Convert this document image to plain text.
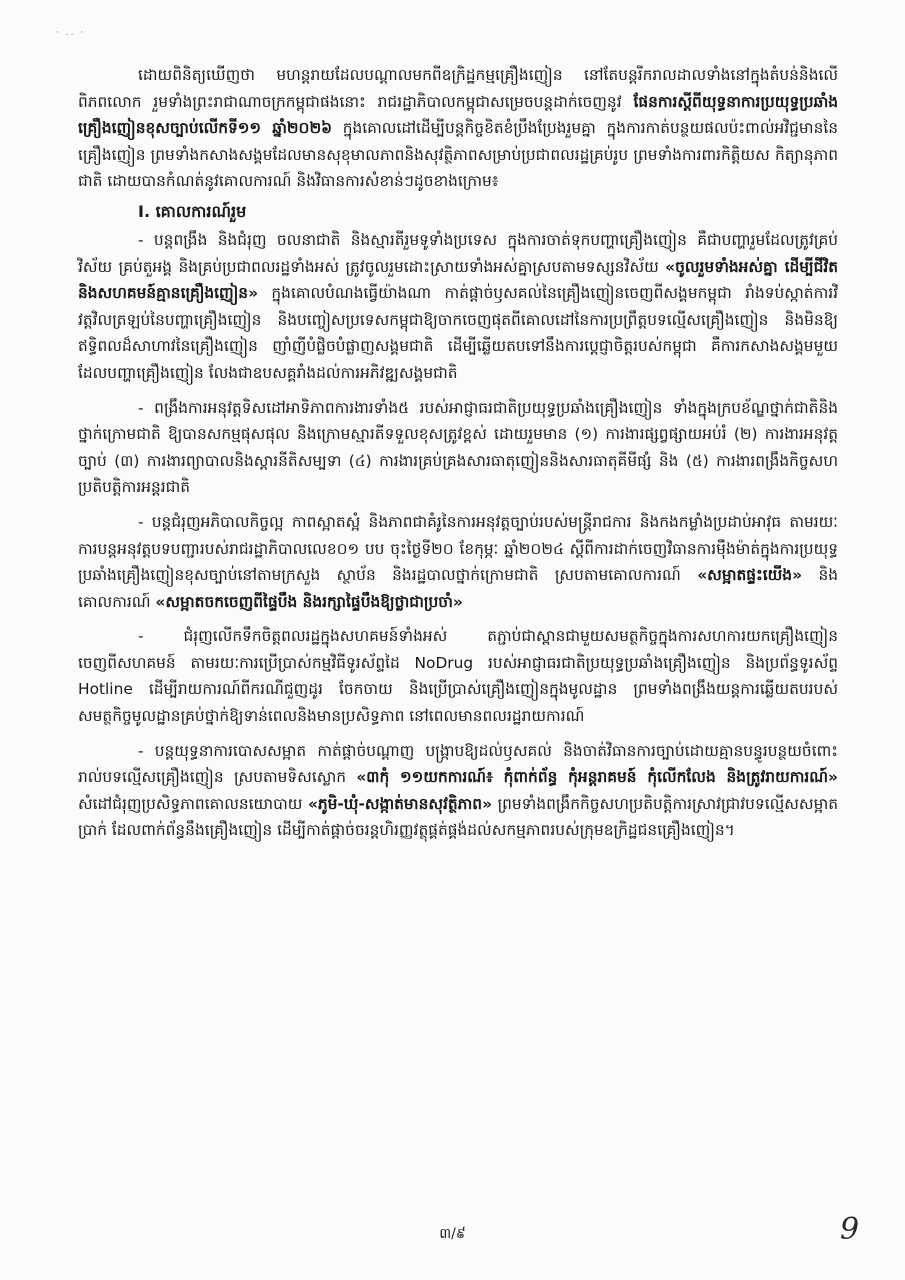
· .. ·

ដោយពិនិត្យឃើញថា មហន្តរាយដែលបណ្តាលមកពីឧក្រិដ្ឋកម្មគ្រឿងញៀន នៅតែបន្តរីករាលដាលទាំងនៅក្នុងតំបន់និងលើពិភពលោក រួមទាំងព្រះរាជាណាចក្រកម្ពុជាផងនោះ រាជរដ្ឋាភិបាលកម្ពុជាសម្រេចបន្តដាក់ចេញនូវ ផែនការស្តីពីយុទ្ធនាការប្រយុទ្ធប្រឆាំងគ្រឿងញៀនខុសច្បាប់លើកទី១១ ឆ្នាំ២០២៦ ក្នុងគោលដៅដើម្បីបន្តកិច្ចខិតខំប្រឹងប្រែងរួមគ្នា ក្នុងការកាត់បន្ថយផលប៉ះពាល់អវិជ្ជមាននៃគ្រឿងញៀន ព្រមទាំងកសាងសង្គមដែលមានសុខុមាលភាពនិងសុវត្ថិភាពសម្រាប់ប្រជាពលរដ្ឋគ្រប់រូប ព្រមទាំងការពារកិត្តិយស កិត្យានុភាពជាតិ ដោយបានកំណត់នូវគោលការណ៍ និងវិធានការសំខាន់ៗដូចខាងក្រោម៖

I. គោលការណ៍រួម

- បន្តពង្រឹង និងជំរុញ ចលនាជាតិ និងស្មារតីរួមទូទាំងប្រទេស ក្នុងការចាត់ទុកបញ្ហាគ្រឿងញៀន គឺជាបញ្ហារួមដែលត្រូវគ្រប់វិស័យ គ្រប់តួអង្គ និងគ្រប់ប្រជាពលរដ្ឋទាំងអស់ ត្រូវចូលរួមដោះស្រាយទាំងអស់គ្នាស្របតាមទស្សនវិស័យ «ចូលរួមទាំងអស់គ្នា ដើម្បីជីវិត និងសហគមន៍គ្មានគ្រឿងញៀន» ក្នុងគោលបំណងធ្វើយ៉ាងណា កាត់ផ្តាច់ឫសគល់នៃគ្រឿងញៀនចេញពីសង្គមកម្ពុជា រាំងទប់ស្កាត់ការវិវត្តវិលត្រឡប់នៃបញ្ហាគ្រឿងញៀន និងបញ្ចៀសប្រទេសកម្ពុជាឱ្យចាកចេញផុតពីគោលដៅនៃការប្រព្រឹត្តបទល្មើសគ្រឿងញៀន និងមិនឱ្យឥទ្ធិពលដ៏សាហាវនៃគ្រឿងញៀន ញាំញីបំផ្លិចបំផ្លាញសង្គមជាតិ ដើម្បីឆ្លើយតបទៅនឹងការប្តេជ្ញាចិត្តរបស់កម្ពុជា គឺការកសាងសង្គមមួយដែលបញ្ហាគ្រឿងញៀន លែងជាឧបសគ្គរាំងដល់ការអភិវឌ្ឍសង្គមជាតិ

- ពង្រឹងការអនុវត្តទិសដៅអាទិភាពការងារទាំង៥ របស់អាជ្ញាធរជាតិប្រយុទ្ធប្រឆាំងគ្រឿងញៀន ទាំងក្នុងក្របខ័ណ្ឌថ្នាក់ជាតិនិងថ្នាក់ក្រោមជាតិ ឱ្យបានសកម្មផុសផុល និងក្រោមស្មារតីទទួលខុសត្រូវខ្ពស់ ដោយរួមមាន (១) ការងារផ្សព្វផ្សាយអប់រំ (២) ការងារអនុវត្តច្បាប់ (៣) ការងារព្យាបាលនិងស្តារនីតិសម្បទា (៤) ការងារគ្រប់គ្រងសារធាតុញៀននិងសារធាតុគីមីផ្សំ និង (៥) ការងារពង្រឹងកិច្ចសហប្រតិបត្តិការអន្តរជាតិ

- បន្តជំរុញអភិបាលកិច្ចល្អ កាពស្អាតស្អំ និងភាពជាគំរូនៃការអនុវត្តច្បាប់របស់មន្ត្រីរាជការ និងកងកម្លាំងប្រដាប់អាវុធ តាមរយៈការបន្តអនុវត្តបទបញ្ជារបស់រាជរដ្ឋាភិបាលលេខ០១ បប ចុះថ្ងៃទី២០ ខែកុម្ភៈ ឆ្នាំ២០២៤ ស្តីពីការដាក់ចេញវិធានការម៉ឺងម៉ាត់ក្នុងការប្រយុទ្ធប្រឆាំងគ្រឿងញៀនខុសច្បាប់នៅតាមក្រសួង ស្ថាប័ន និងរដ្ឋបាលថ្នាក់ក្រោមជាតិ ស្របតាមគោលការណ៍ «សម្អាតផ្ទះយើង» និង គោលការណ៍ «សម្អាតចកចេញពីផ្ទៃបឹង និងរក្សាផ្ទៃបឹងឱ្យថ្លាជាប្រចាំ»

- ជំរុញលើកទឹកចិត្តពលរដ្ឋក្នុងសហគមន៍ទាំងអស់ តភ្ជាប់ជាស្ពានជាមួយសមត្ថកិច្ចក្នុងការសហការយកគ្រឿងញៀនចេញពីសហគមន៍ តាមរយៈការប្រើប្រាស់កម្មវិធីទូរស័ព្ទដៃ NoDrug របស់អាជ្ញាធរជាតិប្រយុទ្ធប្រឆាំងគ្រឿងញៀន និងប្រព័ន្ធទូរស័ព្ទ Hotline ដើម្បីរាយការណ៍ពីករណីជួញដូរ ចែកចាយ និងប្រើប្រាស់គ្រឿងញៀនក្នុងមូលដ្ឋាន ព្រមទាំងពង្រឹងយន្តការឆ្លើយតបរបស់សមត្ថកិច្ចមូលដ្ឋានគ្រប់ថ្នាក់ឱ្យទាន់ពេលនិងមានប្រសិទ្ធភាព នៅពេលមានពលរដ្ឋរាយការណ៍

- បន្តយុទ្ធនាការបោសសម្អាត កាត់ផ្តាច់បណ្តាញ បង្ក្រាបឱ្យដល់ឫសគល់ និងចាត់វិធានការច្បាប់ដោយគ្មានបន្ធូរបន្ថយចំពោះរាល់បទល្មើសគ្រឿងញៀន ស្របតាមទិសស្លោក «៣កុំ ១១យកការណ៍៖ កុំពាក់ព័ន្ធ កុំអន្តរាគមន៍ កុំលើកលែង និងត្រូវរាយការណ៍» សំដៅជំរុញប្រសិទ្ធភាពគោលនយោបាយ «ភូមិ-ឃុំ-សង្កាត់មានសុវត្ថិភាព» ព្រមទាំងពង្រឹកកិច្ចសហប្រតិបត្តិការស្រាវជ្រាវបទល្មើសសម្អាតប្រាក់ ដែលពាក់ព័ន្ធនឹងគ្រឿងញៀន ដើម្បីកាត់ផ្តាច់ចរន្តហិរញ្ញវត្ថុផ្គត់ផ្គង់ដល់សកម្មភាពរបស់ក្រុមឧក្រិដ្ឋជនគ្រឿងញៀន។

៣/៩	9
